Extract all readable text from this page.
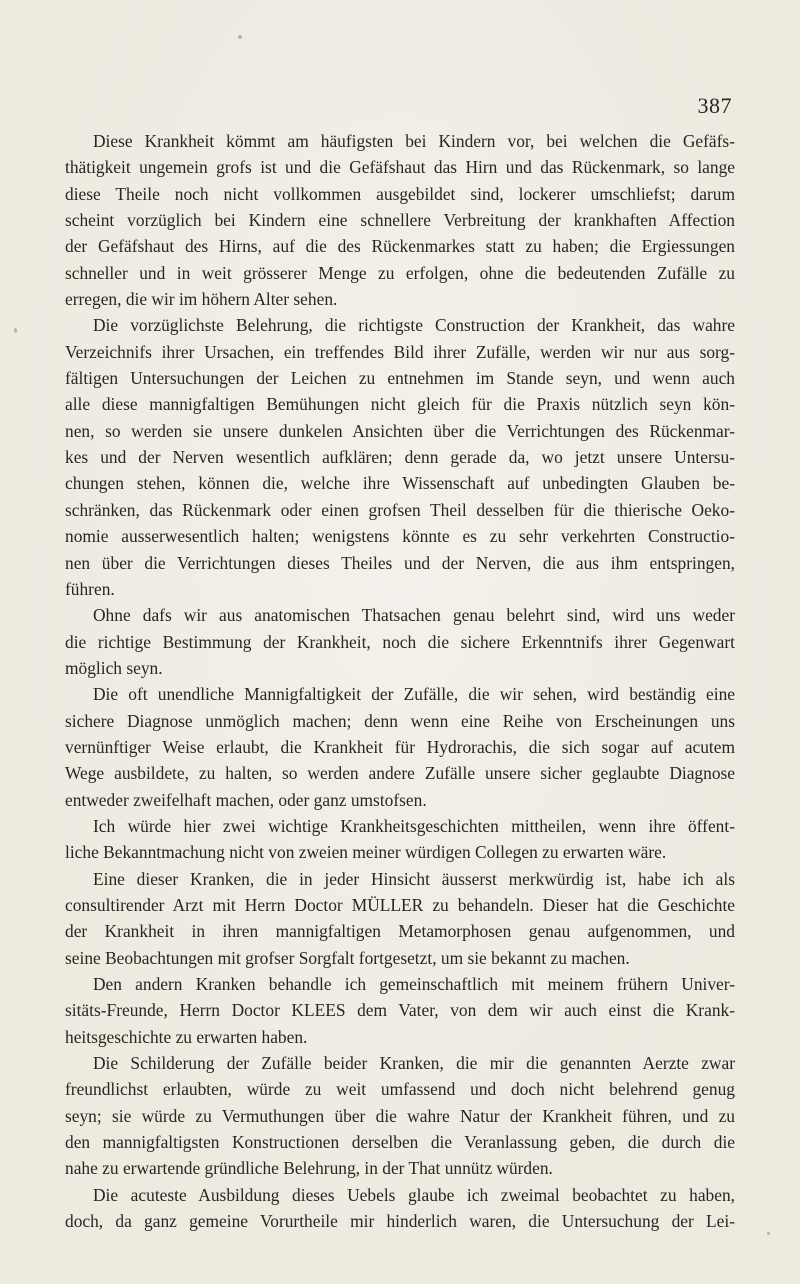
387
Diese Krankheit kömmt am häufigsten bei Kindern vor, bei welchen die Gefäfs-
thätigkeit ungemein grofs ist und die Gefäfshaut das Hirn und das Rückenmark, so lange
diese Theile noch nicht vollkommen ausgebildet sind, lockerer umschliefst; darum
scheint vorzüglich bei Kindern eine schnellere Verbreitung der krankhaften Affection
der Gefäfshaut des Hirns, auf die des Rückenmarkes statt zu haben; die Ergiessungen
schneller und in weit grösserer Menge zu erfolgen, ohne die bedeutenden Zufälle zu
erregen, die wir im höhern Alter sehen.
Die vorzüglichste Belehrung, die richtigste Construction der Krankheit, das wahre
Verzeichnifs ihrer Ursachen, ein treffendes Bild ihrer Zufälle, werden wir nur aus sorg-
fältigen Untersuchungen der Leichen zu entnehmen im Stande seyn, und wenn auch
alle diese mannigfaltigen Bemühungen nicht gleich für die Praxis nützlich seyn kön-
nen, so werden sie unsere dunkelen Ansichten über die Verrichtungen des Rückenmar-
kes und der Nerven wesentlich aufklären; denn gerade da, wo jetzt unsere Untersu-
chungen stehen, können die, welche ihre Wissenschaft auf unbedingten Glauben be-
schränken, das Rückenmark oder einen grofsen Theil desselben für die thierische Oeko-
nomie ausserwesentlich halten; wenigstens könnte es zu sehr verkehrten Constructio-
nen über die Verrichtungen dieses Theiles und der Nerven, die aus ihm entspringen,
führen.
Ohne dafs wir aus anatomischen Thatsachen genau belehrt sind, wird uns weder
die richtige Bestimmung der Krankheit, noch die sichere Erkenntnifs ihrer Gegenwart
möglich seyn.
Die oft unendliche Mannigfaltigkeit der Zufälle, die wir sehen, wird beständig eine
sichere Diagnose unmöglich machen; denn wenn eine Reihe von Erscheinungen uns
vernünftiger Weise erlaubt, die Krankheit für Hydrorachis, die sich sogar auf acutem
Wege ausbildete, zu halten, so werden andere Zufälle unsere sicher geglaubte Diagnose
entweder zweifelhaft machen, oder ganz umstofsen.
Ich würde hier zwei wichtige Krankheitsgeschichten mittheilen, wenn ihre öffent-
liche Bekanntmachung nicht von zweien meiner würdigen Collegen zu erwarten wäre.
Eine dieser Kranken, die in jeder Hinsicht äusserst merkwürdig ist, habe ich als
consultirender Arzt mit Herrn Doctor MÜLLER zu behandeln. Dieser hat die Geschichte
der Krankheit in ihren mannigfaltigen Metamorphosen genau aufgenommen, und
seine Beobachtungen mit grofser Sorgfalt fortgesetzt, um sie bekannt zu machen.
Den andern Kranken behandle ich gemeinschaftlich mit meinem frühern Univer-
sitäts-Freunde, Herrn Doctor KLEES dem Vater, von dem wir auch einst die Krank-
heitsgeschichte zu erwarten haben.
Die Schilderung der Zufälle beider Kranken, die mir die genannten Aerzte zwar
freundlichst erlaubten, würde zu weit umfassend und doch nicht belehrend genug
seyn; sie würde zu Vermuthungen über die wahre Natur der Krankheit führen, und zu
den mannigfaltigsten Konstructionen derselben die Veranlassung geben, die durch die
nahe zu erwartende gründliche Belehrung, in der That unnütz würden.
Die acuteste Ausbildung dieses Uebels glaube ich zweimal beobachtet zu haben,
doch, da ganz gemeine Vorurtheile mir hinderlich waren, die Untersuchung der Lei-
